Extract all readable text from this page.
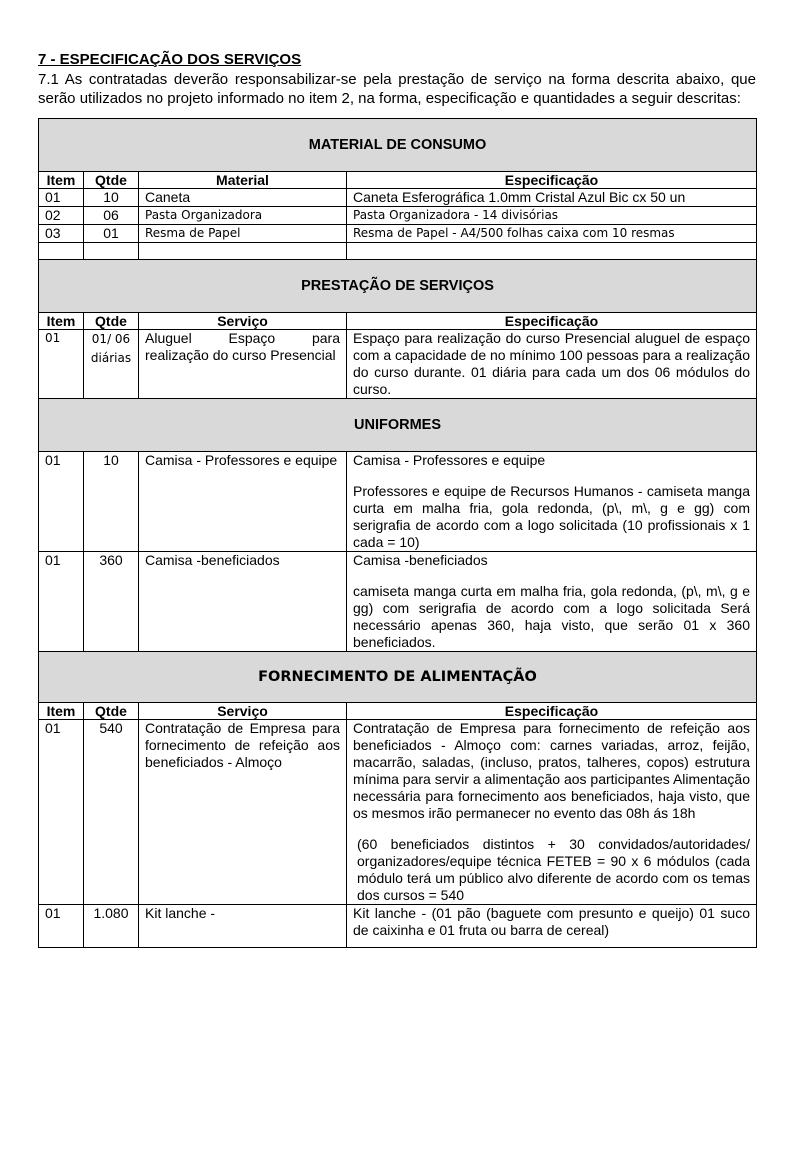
7 - ESPECIFICAÇÃO DOS SERVIÇOS

7.1 As contratadas deverão responsabilizar-se pela prestação de serviço na forma descrita abaixo, que serão utilizados no projeto informado no item 2, na forma, especificação e quantidades a seguir descritas:

MATERIAL DE CONSUMO			
Item	Qtde	Material	Especificação
01	10	Caneta	Caneta Esferográfica 1.0mm Cristal Azul Bic cx 50 un
02	06	Pasta Organizadora	Pasta Organizadora - 14 divisórias
03	01	Resma de Papel	Resma de Papel - A4/500 folhas caixa com 10 resmas

PRESTAÇÃO DE SERVIÇOS			
Item	Qtde	Serviço	Especificação
01	01/ 06 diárias	Aluguel Espaço para realização do curso Presencial	Espaço para realização do curso Presencial aluguel de espaço com a capacidade de no mínimo 100 pessoas para a realização do curso durante. 01 diária para cada um dos 06 módulos do curso.
UNIFORMES			
01	10	Camisa - Professores e equipe	Camisa - Professores e equipe
Professores e equipe de Recursos Humanos - camiseta manga curta em malha fria, gola redonda, (p\, m\, g e gg) com serigrafia de acordo com a logo solicitada (10 profissionais x 1 cada = 10)

01	360	Camisa -beneficiados	Camisa -beneficiados
camiseta manga curta em malha fria, gola redonda, (p\, m\, g e gg) com serigrafia de acordo com a logo solicitada Será necessário apenas 360, haja visto, que serão 01 x 360 beneficiados.

FORNECIMENTO DE ALIMENTAÇÃO			
Item	Qtde	Serviço	Especificação
01	540	Contratação de Empresa para fornecimento de refeição aos beneficiados - Almoço	Contratação de Empresa para fornecimento de refeição aos beneficiados - Almoço com: carnes variadas, arroz, feijão, macarrão, saladas, (incluso, pratos, talheres, copos) estrutura mínima para servir a alimentação aos participantes Alimentação necessária para fornecimento aos beneficiados, haja visto, que os mesmos irão permanecer no evento das 08h ás 18h
(60 beneficiados distintos + 30 convidados/autoridades/ organizadores/equipe técnica FETEB = 90 x 6 módulos (cada módulo terá um público alvo diferente de acordo com os temas dos cursos = 540

01	1.080	Kit lanche -	Kit lanche - (01 pão (baguete com presunto e queijo) 01 suco de caixinha e 01 fruta ou barra de cereal)
